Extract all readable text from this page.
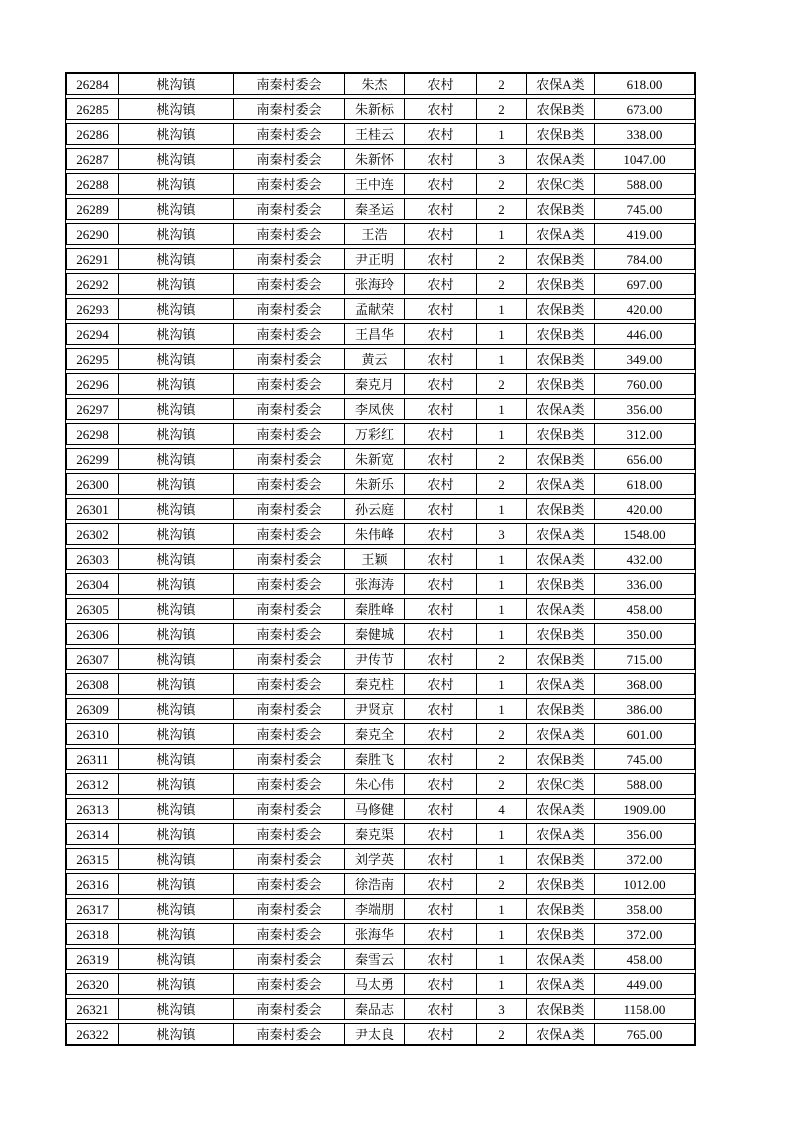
26284	桃沟镇	南秦村委会	朱杰	农村	2	农保A类	618.00
26285	桃沟镇	南秦村委会	朱新标	农村	2	农保B类	673.00
26286	桃沟镇	南秦村委会	王桂云	农村	1	农保B类	338.00
26287	桃沟镇	南秦村委会	朱新怀	农村	3	农保A类	1047.00
26288	桃沟镇	南秦村委会	王中连	农村	2	农保C类	588.00
26289	桃沟镇	南秦村委会	秦圣运	农村	2	农保B类	745.00
26290	桃沟镇	南秦村委会	王浩	农村	1	农保A类	419.00
26291	桃沟镇	南秦村委会	尹正明	农村	2	农保B类	784.00
26292	桃沟镇	南秦村委会	张海玲	农村	2	农保B类	697.00
26293	桃沟镇	南秦村委会	孟献荣	农村	1	农保B类	420.00
26294	桃沟镇	南秦村委会	王昌华	农村	1	农保B类	446.00
26295	桃沟镇	南秦村委会	黄云	农村	1	农保B类	349.00
26296	桃沟镇	南秦村委会	秦克月	农村	2	农保B类	760.00
26297	桃沟镇	南秦村委会	李凤侠	农村	1	农保A类	356.00
26298	桃沟镇	南秦村委会	万彩红	农村	1	农保B类	312.00
26299	桃沟镇	南秦村委会	朱新宽	农村	2	农保B类	656.00
26300	桃沟镇	南秦村委会	朱新乐	农村	2	农保A类	618.00
26301	桃沟镇	南秦村委会	孙云庭	农村	1	农保B类	420.00
26302	桃沟镇	南秦村委会	朱伟峰	农村	3	农保A类	1548.00
26303	桃沟镇	南秦村委会	王颖	农村	1	农保A类	432.00
26304	桃沟镇	南秦村委会	张海涛	农村	1	农保B类	336.00
26305	桃沟镇	南秦村委会	秦胜峰	农村	1	农保A类	458.00
26306	桃沟镇	南秦村委会	秦健城	农村	1	农保B类	350.00
26307	桃沟镇	南秦村委会	尹传节	农村	2	农保B类	715.00
26308	桃沟镇	南秦村委会	秦克柱	农村	1	农保A类	368.00
26309	桃沟镇	南秦村委会	尹贤京	农村	1	农保B类	386.00
26310	桃沟镇	南秦村委会	秦克全	农村	2	农保A类	601.00
26311	桃沟镇	南秦村委会	秦胜飞	农村	2	农保B类	745.00
26312	桃沟镇	南秦村委会	朱心伟	农村	2	农保C类	588.00
26313	桃沟镇	南秦村委会	马修健	农村	4	农保A类	1909.00
26314	桃沟镇	南秦村委会	秦克渠	农村	1	农保A类	356.00
26315	桃沟镇	南秦村委会	刘学英	农村	1	农保B类	372.00
26316	桃沟镇	南秦村委会	徐浩南	农村	2	农保B类	1012.00
26317	桃沟镇	南秦村委会	李端朋	农村	1	农保B类	358.00
26318	桃沟镇	南秦村委会	张海华	农村	1	农保B类	372.00
26319	桃沟镇	南秦村委会	秦雪云	农村	1	农保A类	458.00
26320	桃沟镇	南秦村委会	马太勇	农村	1	农保A类	449.00
26321	桃沟镇	南秦村委会	秦品志	农村	3	农保B类	1158.00
26322	桃沟镇	南秦村委会	尹太良	农村	2	农保A类	765.00
